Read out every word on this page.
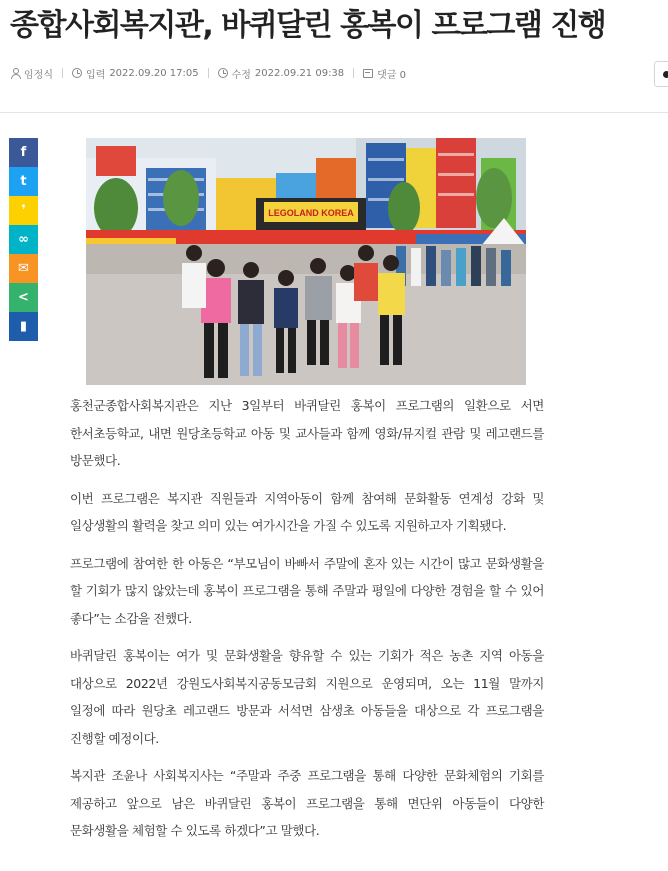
종합사회복지관, 바퀴달린 홍복이 프로그램 진행
임정식	입력 2022.09.20 17:05	수정 2022.09.21 09:38	댓글 0
f
t
❜
∞
✉
<
▮
LEGOLAND KOREA

홍천군종합사회복지관은 지난 3일부터 바퀴달린 홍복이 프로그램의 일환으로 서면 한서초등학교, 내면 원당초등학교 아동 및 교사들과 함께 영화/뮤지컬 관람 및 레고랜드를 방문했다.

이번 프로그램은 복지관 직원들과 지역아동이 함께 참여해 문화활동 연계성 강화 및 일상생활의 활력을 찾고 의미 있는 여가시간을 가질 수 있도록 지원하고자 기획됐다.

프로그램에 참여한 한 아동은 “부모님이 바빠서 주말에 혼자 있는 시간이 많고 문화생활을 할 기회가 많지 않았는데 홍복이 프로그램을 통해 주말과 평일에 다양한 경험을 할 수 있어 좋다”는 소감을 전했다.

바퀴달린 홍복이는 여가 및 문화생활을 향유할 수 있는 기회가 적은 농촌 지역 아동을 대상으로 2022년 강원도사회복지공동모금회 지원으로 운영되며, 오는 11월 말까지 일정에 따라 원당초 레고랜드 방문과 서석면 삼생초 아동들을 대상으로 각 프로그램을 진행할 예정이다.

복지관 조윤나 사회복지사는 “주말과 주중 프로그램을 통해 다양한 문화체험의 기회를 제공하고 앞으로 남은 바퀴달린 홍복이 프로그램을 통해 면단위 아동들이 다양한 문화생활을 체험할 수 있도록 하겠다”고 말했다.
